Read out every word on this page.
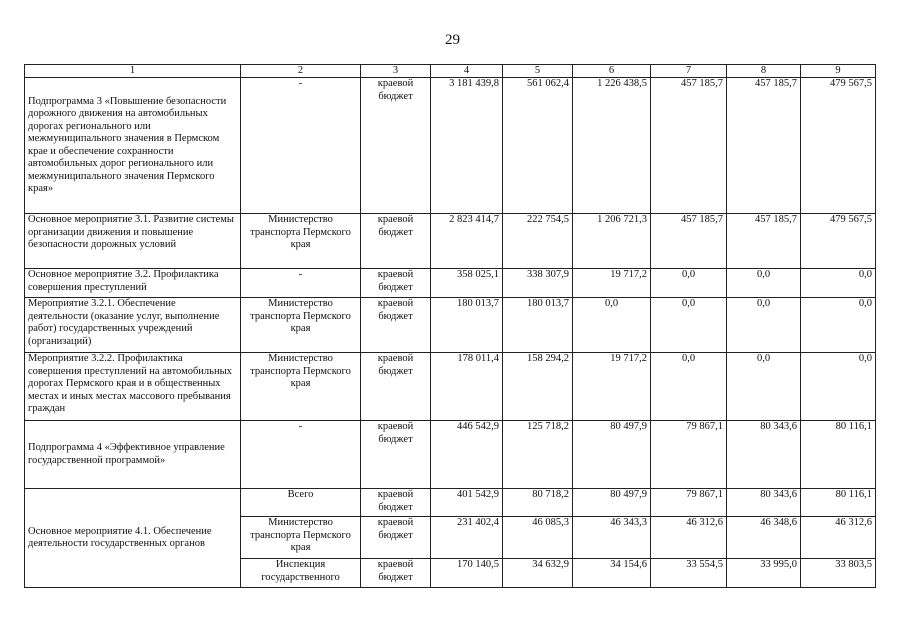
29
1	2	3	4	5	6	7	8	9
Подпрограмма 3 «Повышение безопасности дорожного движения на автомобильных дорогах регионального или межмуниципального значения в Пермском крае и обеспечение сохранности автомобильных дорог регионального или межмуниципального значения Пермского края»	-	краевой бюджет	3 181 439,8	561 062,4	1 226 438,5	457 185,7	457 185,7	479 567,5
Основное мероприятие 3.1. Развитие системы организации движения и повышение безопасности дорожных условий	Министерство транспорта Пермского края	краевой бюджет	2 823 414,7	222 754,5	1 206 721,3	457 185,7	457 185,7	479 567,5
Основное мероприятие 3.2. Профилактика совершения преступлений	-	краевой бюджет	358 025,1	338 307,9	19 717,2	0,0	0,0	0,0
Мероприятие 3.2.1. Обеспечение деятельности (оказание услуг, выполнение работ) государственных учреждений (организаций)	Министерство транспорта Пермского края	краевой бюджет	180 013,7	180 013,7	0,0	0,0	0,0	0,0
Мероприятие 3.2.2. Профилактика совершения преступлений на автомобильных дорогах Пермского края и в общественных местах и иных местах массового пребывания граждан	Министерство транспорта Пермского края	краевой бюджет	178 011,4	158 294,2	19 717,2	0,0	0,0	0,0
Подпрограмма 4 «Эффективное управление государственной программой»	-	краевой бюджет	446 542,9	125 718,2	80 497,9	79 867,1	80 343,6	80 116,1
Основное мероприятие 4.1. Обеспечение деятельности государственных органов	Всего	краевой бюджет	401 542,9	80 718,2	80 497,9	79 867,1	80 343,6	80 116,1
	Министерство транспорта Пермского края	краевой бюджет	231 402,4	46 085,3	46 343,3	46 312,6	46 348,6	46 312,6
	Инспекция государственного	краевой бюджет	170 140,5	34 632,9	34 154,6	33 554,5	33 995,0	33 803,5
